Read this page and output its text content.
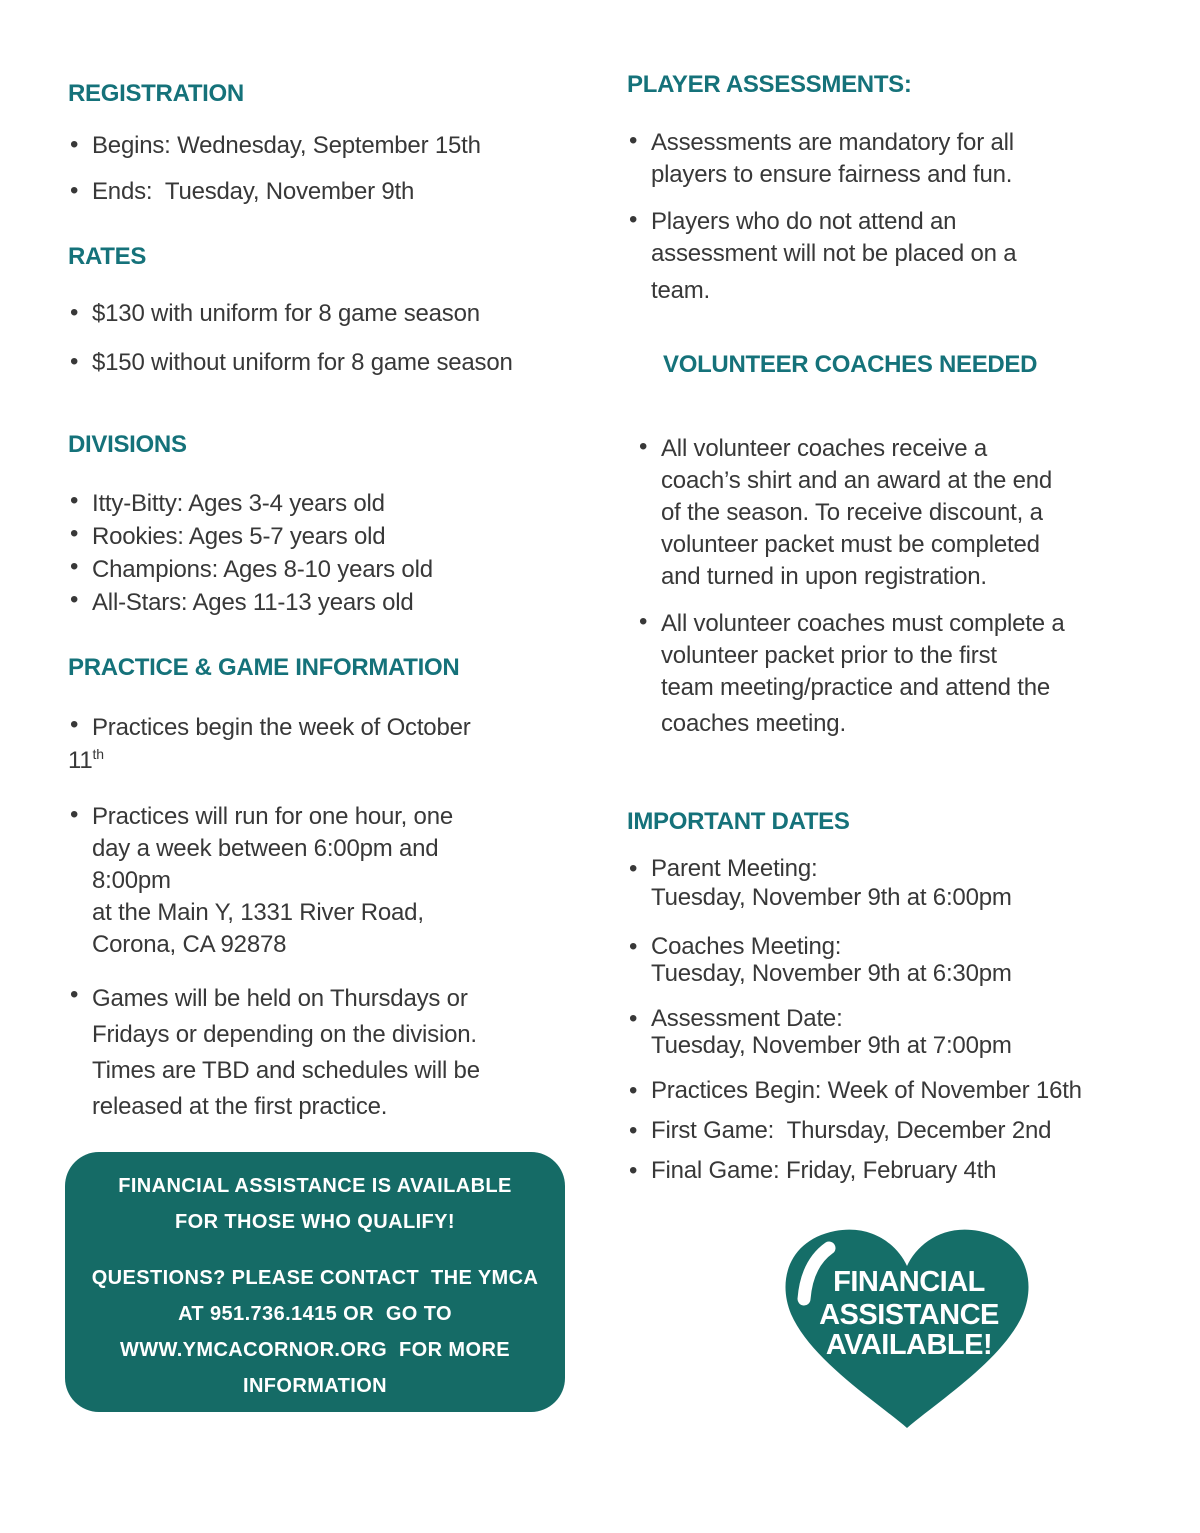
REGISTRATION
• Begins: Wednesday, September 15th
• Ends:  Tuesday, November 9th
RATES
• $130 with uniform for 8 game season
• $150 without uniform for 8 game season
DIVISIONS
• Itty-Bitty: Ages 3-4 years old
• Rookies: Ages 5-7 years old
• Champions: Ages 8-10 years old
• All-Stars: Ages 11-13 years old
PRACTICE & GAME INFORMATION
• Practices begin the week of October
11th
• Practices will run for one hour, one
day a week between 6:00pm and
8:00pm
at the Main Y, 1331 River Road,
Corona, CA 92878
• Games will be held on Thursdays or
Fridays or depending on the division.
Times are TBD and schedules will be
released at the first practice.
FINANCIAL ASSISTANCE IS AVAILABLE
FOR THOSE WHO QUALIFY!
QUESTIONS? PLEASE CONTACT  THE YMCA
AT 951.736.1415 OR  GO TO
WWW.YMCACORNOR.ORG  FOR MORE
INFORMATION
PLAYER ASSESSMENTS:
• Assessments are mandatory for all
players to ensure fairness and fun.
• Players who do not attend an
assessment will not be placed on a
team.
VOLUNTEER COACHES NEEDED
• All volunteer coaches receive a
coach’s shirt and an award at the end
of the season. To receive discount, a
volunteer packet must be completed
and turned in upon registration.
• All volunteer coaches must complete a
volunteer packet prior to the first
team meeting/practice and attend the
coaches meeting.
IMPORTANT DATES
• Parent Meeting:
Tuesday, November 9th at 6:00pm
• Coaches Meeting:
Tuesday, November 9th at 6:30pm
• Assessment Date:
Tuesday, November 9th at 7:00pm
• Practices Begin: Week of November 16th
• First Game:  Thursday, December 2nd
• Final Game: Friday, February 4th
FINANCIAL
ASSISTANCE
AVAILABLE!
